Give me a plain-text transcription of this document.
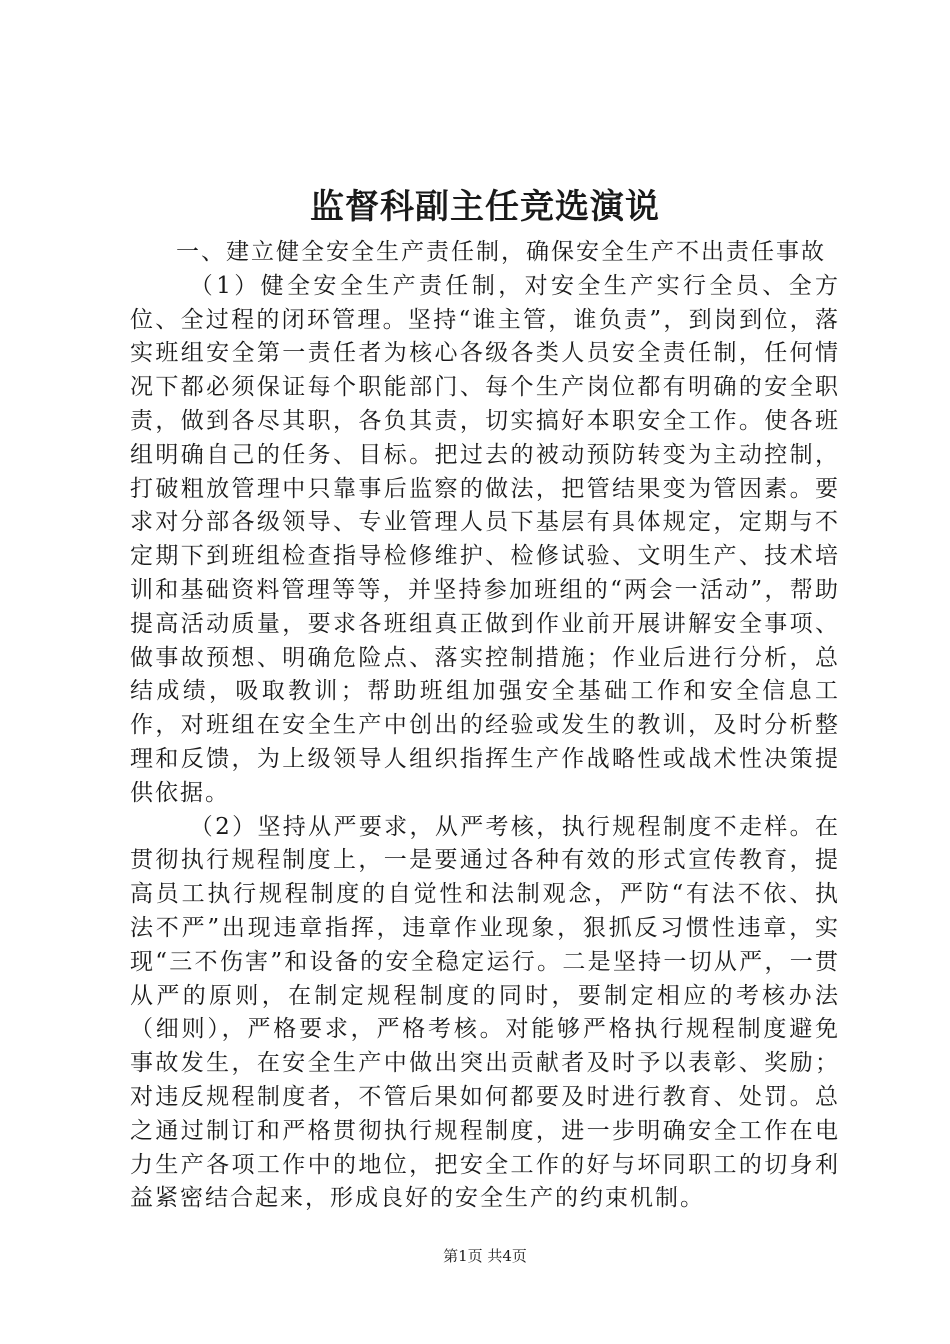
监督科副主任竞选演说

一、建立健全安全生产责任制，确保安全生产不出责任事故

（1）健全安全生产责任制，对安全生产实行全员、全方位、全过程的闭环管理。坚持“谁主管，谁负责”，到岗到位，落实班组安全第一责任者为核心各级各类人员安全责任制，任何情况下都必须保证每个职能部门、每个生产岗位都有明确的安全职责，做到各尽其职，各负其责，切实搞好本职安全工作。使各班组明确自己的任务、目标。把过去的被动预防转变为主动控制，打破粗放管理中只靠事后监察的做法，把管结果变为管因素。要求对分部各级领导、专业管理人员下基层有具体规定，定期与不定期下到班组检查指导检修维护、检修试验、文明生产、技术培训和基础资料管理等等，并坚持参加班组的“两会一活动”，帮助提高活动质量，要求各班组真正做到作业前开展讲解安全事项、做事故预想、明确危险点、落实控制措施；作业后进行分析，总结成绩，吸取教训；帮助班组加强安全基础工作和安全信息工作，对班组在安全生产中创出的经验或发生的教训，及时分析整理和反馈，为上级领导人组织指挥生产作战略性或战术性决策提供依据。

（2）坚持从严要求，从严考核，执行规程制度不走样。在贯彻执行规程制度上，一是要通过各种有效的形式宣传教育，提高员工执行规程制度的自觉性和法制观念，严防“有法不依、执法不严”出现违章指挥，违章作业现象，狠抓反习惯性违章，实现“三不伤害”和设备的安全稳定运行。二是坚持一切从严，一贯从严的原则，在制定规程制度的同时，要制定相应的考核办法（细则），严格要求，严格考核。对能够严格执行规程制度避免事故发生，在安全生产中做出突出贡献者及时予以表彰、奖励；对违反规程制度者，不管后果如何都要及时进行教育、处罚。总之通过制订和严格贯彻执行规程制度，进一步明确安全工作在电力生产各项工作中的地位，把安全工作的好与坏同职工的切身利益紧密结合起来，形成良好的安全生产的约束机制。

第1页 共4页
